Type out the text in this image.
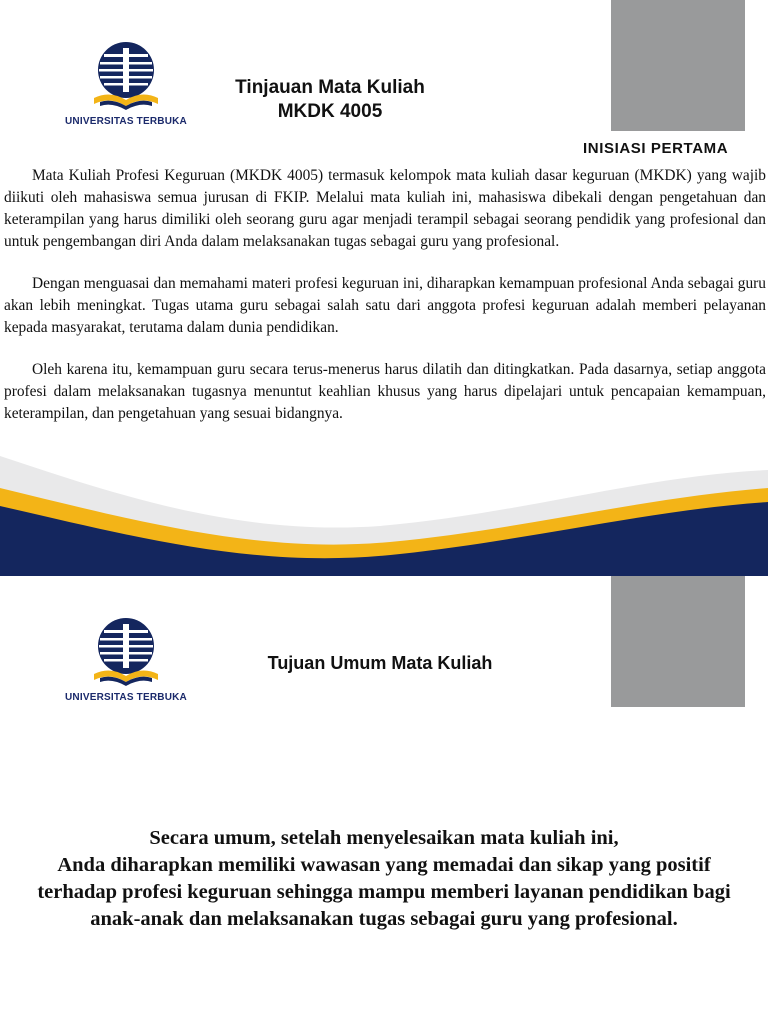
UNIVERSITAS TERBUKA
Tinjauan Mata Kuliah
MKDK 4005
INISIASI PERTAMA

Mata Kuliah Profesi Keguruan (MKDK 4005) termasuk kelompok mata kuliah dasar keguruan (MKDK) yang wajib diikuti oleh mahasiswa semua jurusan di FKIP. Melalui mata kuliah ini, mahasiswa dibekali dengan pengetahuan dan keterampilan yang harus dimiliki oleh seorang guru agar menjadi terampil sebagai seorang pendidik yang profesional dan untuk pengembangan diri Anda dalam melaksanakan tugas sebagai guru yang profesional.

Dengan menguasai dan memahami materi profesi keguruan ini, diharapkan kemampuan profesional Anda sebagai guru akan lebih meningkat. Tugas utama guru sebagai salah satu dari anggota profesi keguruan adalah memberi pelayanan kepada masyarakat, terutama dalam dunia pendidikan.

Oleh karena itu, kemampuan guru secara terus-menerus harus dilatih dan ditingkatkan. Pada dasarnya, setiap anggota profesi dalam melaksanakan tugasnya menuntut keahlian khusus yang harus dipelajari untuk pencapaian kemampuan, keterampilan, dan pengetahuan yang sesuai bidangnya.

UNIVERSITAS TERBUKA
Tujuan Umum Mata Kuliah
Secara umum, setelah menyelesaikan mata kuliah ini,
Anda diharapkan memiliki wawasan yang memadai dan sikap yang positif
terhadap profesi keguruan sehingga mampu memberi layanan pendidikan bagi
anak-anak dan melaksanakan tugas sebagai guru yang profesional.
